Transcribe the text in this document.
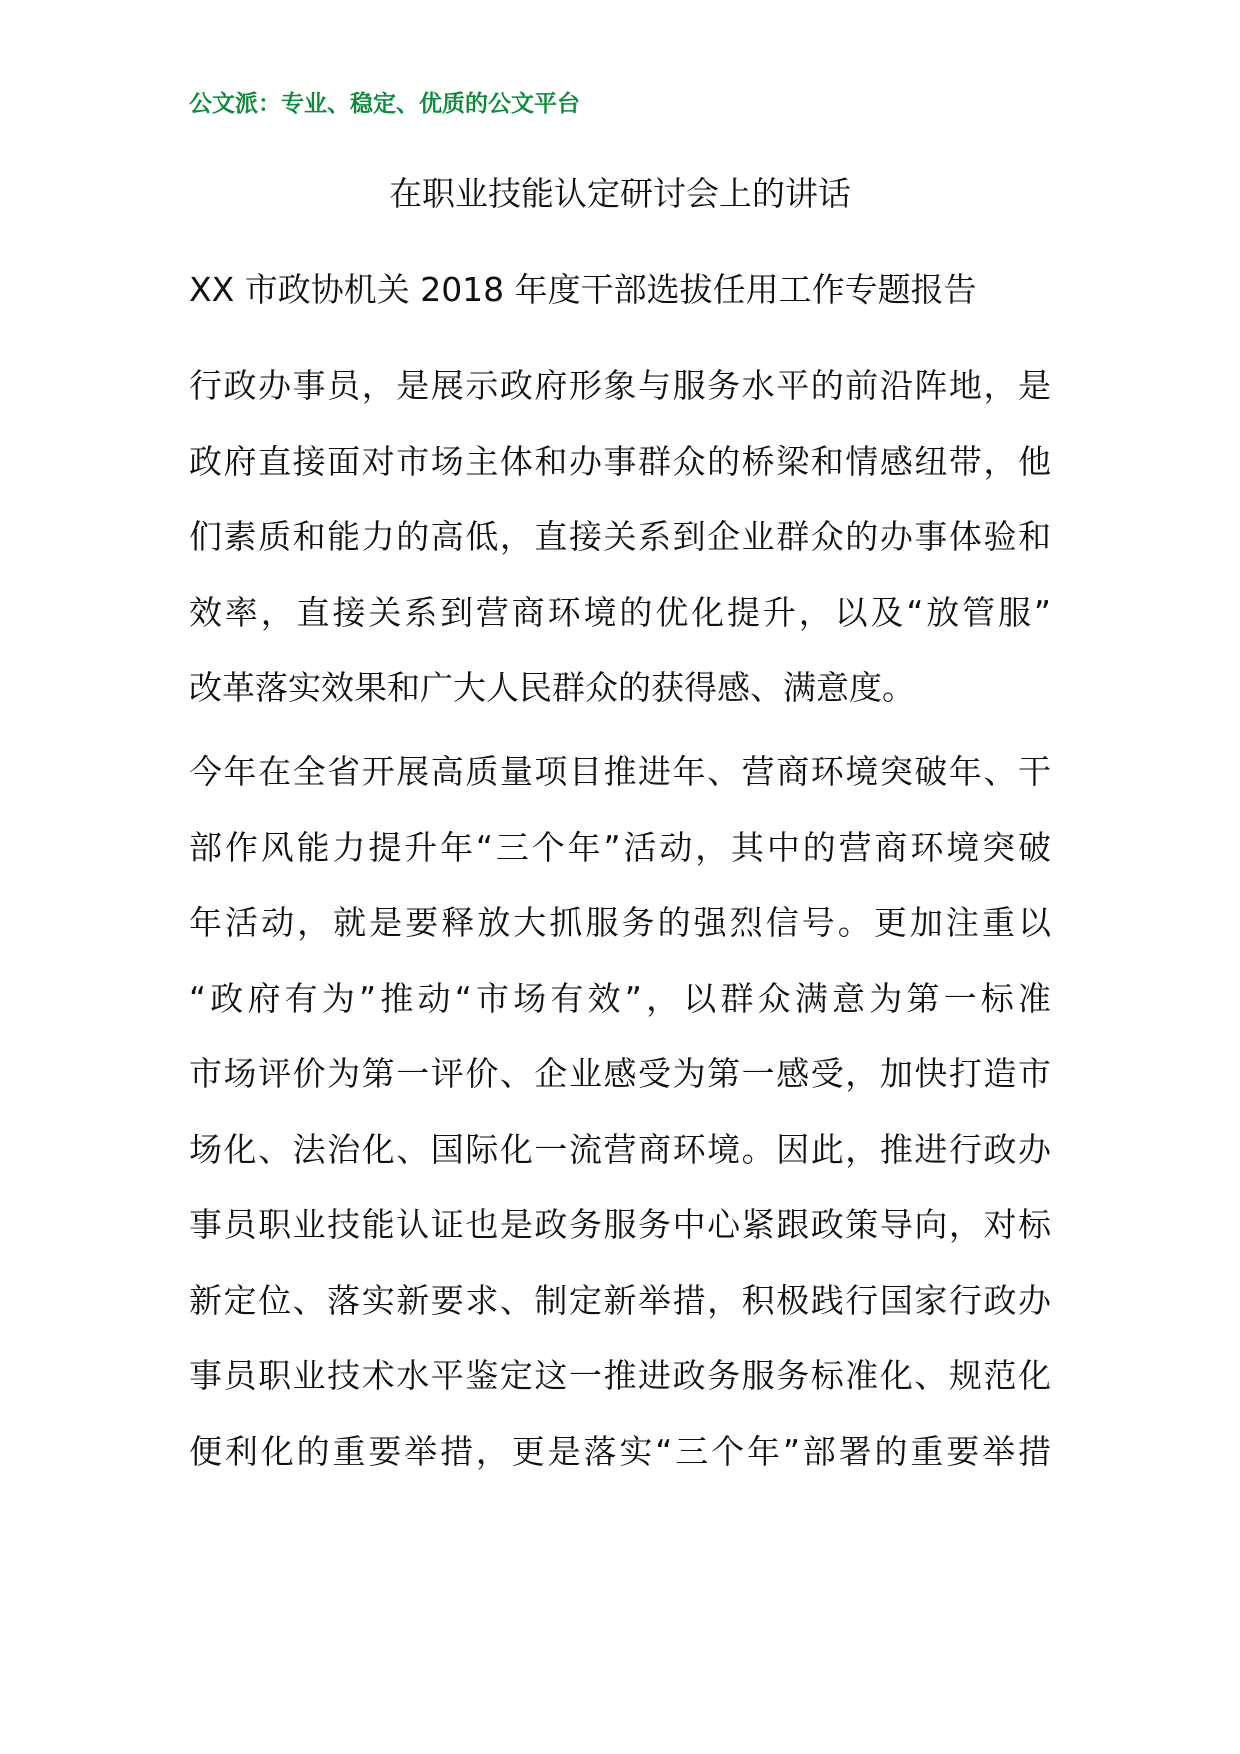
公文派：专业、稳定、优质的公文平台
在职业技能认定研讨会上的讲话
XX 市政协机关 2018 年度干部选拔任用工作专题报告
行政办事员，是展示政府形象与服务水平的前沿阵地，是
政府直接面对市场主体和办事群众的桥梁和情感纽带，他
们素质和能力的高低，直接关系到企业群众的办事体验和
效率，直接关系到营商环境的优化提升，以及“放管服”
改革落实效果和广大人民群众的获得感、满意度。
今年在全省开展高质量项目推进年、营商环境突破年、干
部作风能力提升年“三个年”活动，其中的营商环境突破
年活动，就是要释放大抓服务的强烈信号。更加注重以
“政府有为”推动“市场有效”，以群众满意为第一标准
市场评价为第一评价、企业感受为第一感受，加快打造市
场化、法治化、国际化一流营商环境。因此，推进行政办
事员职业技能认证也是政务服务中心紧跟政策导向，对标
新定位、落实新要求、制定新举措，积极践行国家行政办
事员职业技术水平鉴定这一推进政务服务标准化、规范化
便利化的重要举措，更是落实“三个年”部署的重要举措
